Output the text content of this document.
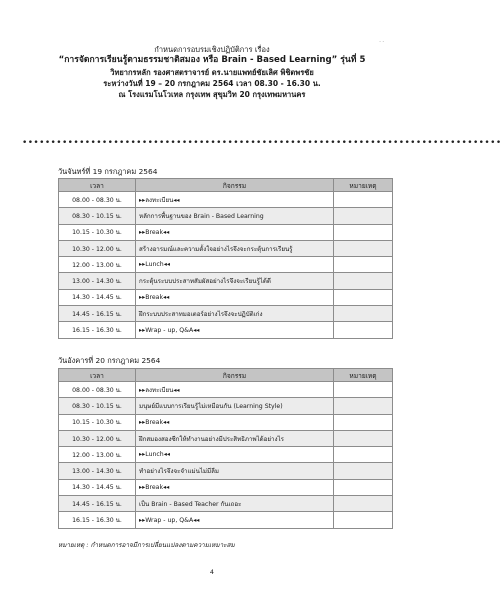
· ·
กำหนดการอบรมเชิงปฏิบัติการ เรื่อง
“การจัดการเรียนรู้ตามธรรมชาติสมอง หรือ Brain - Based Learning” รุ่นที่ 5
วิทยากรหลัก รองศาสตราจารย์ ดร.นายแพทย์ชัยเลิศ พิชิตพรชัย
ระหว่างวันที่ 19 – 20 กรกฎาคม 2564 เวลา 08.30 - 16.30 น.
ณ โรงแรมโนโวเทล กรุงเทพ สุขุมวิท 20 กรุงเทพมหานคร
••••••••••••••••••••••••••••••••••••••••••••••••••••••••••••••••••••••••••••••••••••
วันจันทร์ที่ 19 กรกฎาคม 2564
เวลา	กิจกรรม	หมายเหตุ
08.00 - 08.30 น.	▸▸ลงทะเบียน◂◂	
08.30 - 10.15 น.	หลักการพื้นฐานของ Brain - Based Learning	
10.15 - 10.30 น.	▸▸Break◂◂	
10.30 - 12.00 น.	สร้างอารมณ์และความตั้งใจอย่างไรจึงจะกระตุ้นการเรียนรู้	
12.00 - 13.00 น.	▸▸Lunch◂◂	
13.00 - 14.30 น.	กระตุ้นระบบประสาทสัมผัสอย่างไรจึงจะเรียนรู้ได้ดี	
14.30 - 14.45 น.	▸▸Break◂◂	
14.45 - 16.15 น.	ฝึกระบบประสาทมอเตอร์อย่างไรจึงจะปฏิบัติเก่ง	
16.15 - 16.30 น.	▸▸Wrap - up, Q&A◂◂	
วันอังคารที่ 20 กรกฎาคม 2564
เวลา	กิจกรรม	หมายเหตุ
08.00 - 08.30 น.	▸▸ลงทะเบียน◂◂	
08.30 - 10.15 น.	มนุษย์มีแบบการเรียนรู้ไม่เหมือนกัน (Learning Style)	
10.15 - 10.30 น.	▸▸Break◂◂	
10.30 - 12.00 น.	ฝึกสมองสองซีกให้ทำงานอย่างมีประสิทธิภาพได้อย่างไร	
12.00 - 13.00 น.	▸▸Lunch◂◂	
13.00 - 14.30 น.	ทำอย่างไรจึงจะจำแม่นไม่มีลืม	
14.30 - 14.45 น.	▸▸Break◂◂	
14.45 - 16.15 น.	เป็น Brain - Based Teacher กันเถอะ	
16.15 - 16.30 น.	▸▸Wrap - up, Q&A◂◂	
หมายเหตุ : กำหนดการอาจมีการเปลี่ยนแปลงตามความเหมาะสม
4
